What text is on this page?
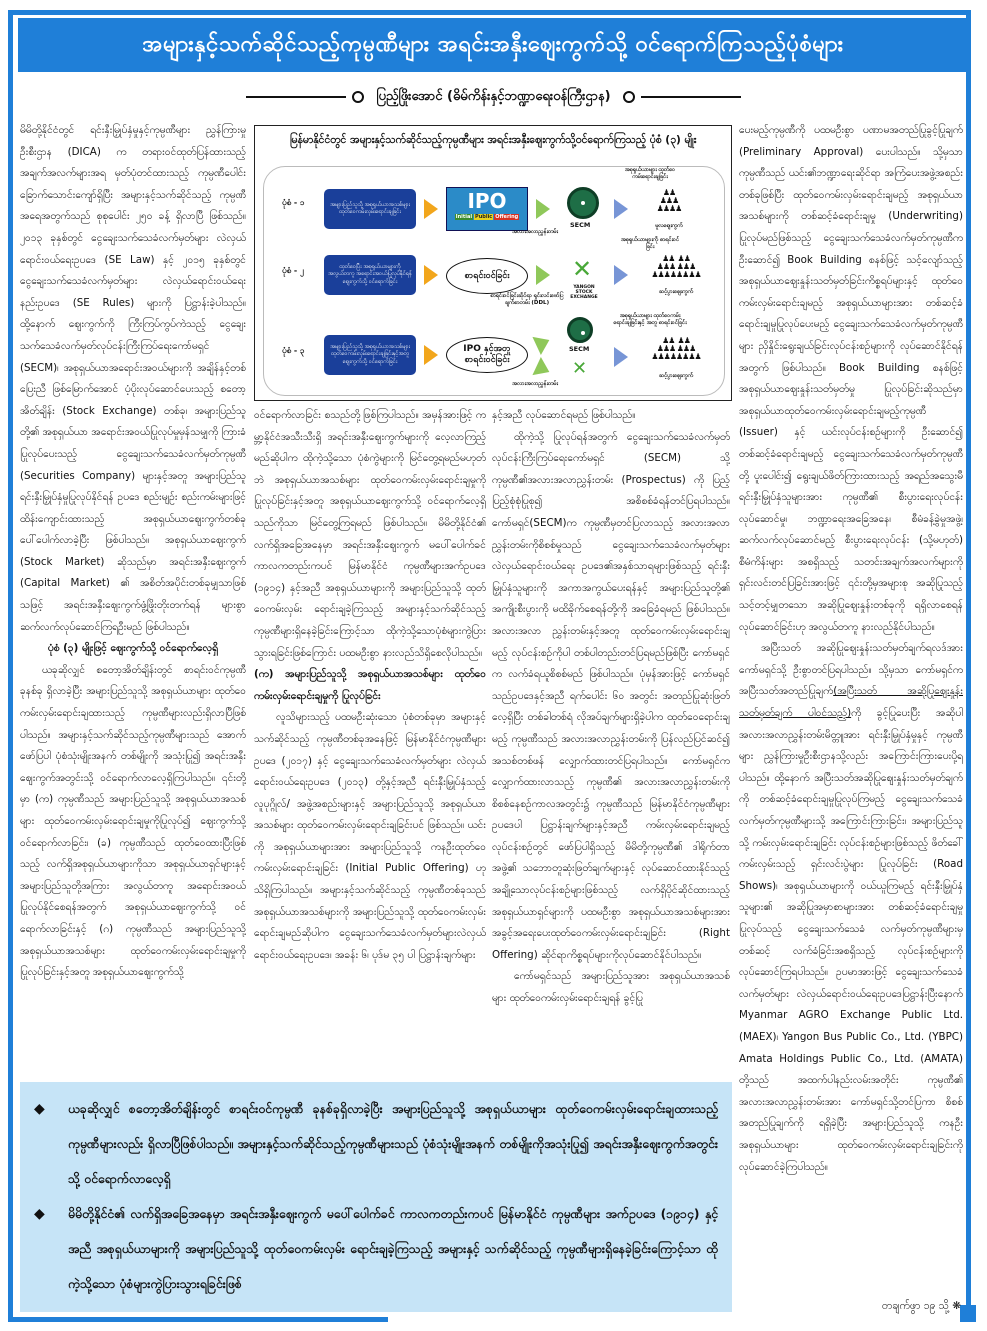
အများနှင့်သက်ဆိုင်သည့်ကုမ္ပဏီများ အရင်းအနှီးဈေးကွက်သို့ ဝင်ရောက်ကြသည့်ပုံစံများ
ပြည့်ဖြိုးအောင် (ဓိမ်ကိန်းနှင့်ဘဏ္ဍာရေးဝန်ကြီးဌာန)

မိမိတို့နိုင်ငံတွင် ရင်းနှီးမြှုပ်နှံမှုနှင့်ကုမ္ပဏီများ ညွှန်ကြားမှုဦးစီးဌာန (DICA) က တရားဝင်ထုတ်ပြန်ထားသည့် အချက်အလက်များအရ မှတ်ပုံတင်ထားသည့် ကုမ္ပဏီပေါင်း ခြောက်သောင်းကျော်ရှိပြီး အများနှင့်သက်ဆိုင်သည့် ကုမ္ပဏီအရေအတွက်သည် စုစုပေါင်း ၂၅၀ ခန့် ရှိလာပြီ ဖြစ်သည်။ ၂၀၁၃ ခုနှစ်တွင် ငွေချေးသက်သေခံလက်မှတ်များ လဲလှယ်ရောင်းဝယ်ရေးဥပဒေ (SE Law) နှင့် ၂၀၁၅ ခုနှစ်တွင် ငွေချေးသက်သေခံလက်မှတ်များ လဲလှယ်ရောင်းဝယ်ရေးနည်းဥပဒေ (SE Rules) များကို ပြဋ္ဌာန်းခဲ့ပါသည်။ ထို့နောက် ဈေးကွက်ကို ကြီးကြပ်ကွပ်ကဲသည့် ငွေချေးသက်သေခံလက်မှတ်လုပ်ငန်းကြီးကြပ်ရေးကော်မရှင် (SECM)၊ အစုရှယ်ယာအရောင်းအဝယ်များကို အချိန်နှင့်တစ်ပြေးညီ ဖြစ်မြောက်အောင် ပံ့ပိုးလုပ်ဆောင်ပေးသည့် စတော့အိတ်ချိန်း (Stock Exchange) တစ်ခု၊ အများပြည်သူတို့၏ အစုရှယ်ယာ အရောင်းအဝယ်ပြုလုပ်မှုမှန်သမျှကို ကြားခံပြုလုပ်ပေးသည့် ငွေချေးသက်သေခံလက်မှတ်ကုမ္ပဏီ (Securities Company) များနှင့်အတူ အများပြည်သူ ရင်းနှီးမြှုပ်နှံမှုပြုလုပ်နိုင်ရန် ဥပဒေ စည်းမျဉ်း စည်းကမ်းများဖြင့် ထိန်းကျောင်းထားသည့် အစုရှယ်ယာဈေးကွက်တစ်ခု ပေါ်ပေါက်လာခဲ့ပြီး ဖြစ်ပါသည်။ အစုရှယ်ယာဈေးကွက် (Stock Market) ဆိုသည်မှာ အရင်းအနှီးဈေးကွက် (Capital Market) ၏ အစိတ်အပိုင်းတစ်ခုမျှသာဖြစ်သဖြင့် အရင်းအနှီးဈေးကွက်ဖွံ့ဖြိုးတိုးတက်ရန် များစွာဆက်လက်လုပ်ဆောင်ကြရဦးမည် ဖြစ်ပါသည်။

ပုံစံ (၃) မျိုးဖြင့် ဈေးကွက်သို့ ဝင်ရောက်လေ့ရှိ

ယခုဆိုလျှင် စတော့အိတ်ချိန်းတွင် စာရင်းဝင်ကုမ္ပဏီ ခုနစ်ခု ရှိလာခဲ့ပြီး အများပြည်သူသို့ အစုရှယ်ယာများ ထုတ်ဝေကမ်းလှမ်းရောင်းချထားသည့် ကုမ္ပဏီများလည်းရှိလာပြီဖြစ်ပါသည်။ အများနှင့်သက်ဆိုင်သည့်ကုမ္ပဏီများသည် အောက်ဖော်ပြပါ ပုံစံသုံးမျိုးအနက် တစ်မျိုးကို အသုံးပြု၍ အရင်းအနှီးဈေးကွက်အတွင်းသို့ ဝင်ရောက်လာလေ့ရှိကြပါသည်။ ၎င်းတို့မှာ (က) ကုမ္ပဏီသည် အများပြည်သူသို့ အစုရှယ်ယာအသစ်များ ထုတ်ဝေကမ်းလှမ်းရောင်းချမှုကိုပြုလုပ်၍ ဈေးကွက်သို့ ဝင်ရောက်လာခြင်း၊ (ခ) ကုမ္ပဏီသည် ထုတ်ဝေထားပြီးဖြစ်သည့် လက်ရှိအစုရှယ်ယာများကိုသာ အစုရှယ်ယာရှင်များနှင့် အများပြည်သူတို့အကြား အလွယ်တကူ အရောင်းအဝယ် ပြုလုပ်နိုင်စေရန်အတွက် အစုရှယ်ယာဈေးကွက်သို့ ဝင်ရောက်လာခြင်းနှင့် (ဂ) ကုမ္ပဏီသည် အများပြည်သူသို့ အစုရှယ်ယာအသစ်များ ထုတ်ဝေကမ်းလှမ်းရောင်းချမှုကို ပြုလုပ်ခြင်းနှင့်အတူ အစုရှယ်ယာဈေးကွက်သို့

မြန်မာနိုင်ငံတွင် အများနှင့်သက်ဆိုင်သည့်ကုမ္ပဏီများ အရင်းအနှီးဈေးကွက်သို့ဝင်ရောက်ကြသည့် ပုံစံ (၃) မျိုး
ပုံစံ - ၁	အများပြည်သူသို့ အစုရှယ်ယာအသစ်များ ထုတ်ဝေကမ်းလှမ်းရောင်းချခြင်း	IPO
Initial Public Offering
အစုရှယ်ယာများ ထုတ်ဝေကမ်းရောင်းချခြင်း
SECM
အလားအလာညွှန်းတမ်း
♟♟
♟♟♟
♟♟♟♟
မူလဈေးကွက်
ပုံစံ - ၂	ထုတ်ဝေပြီး အစုရှယ်ယာများကို အလွယ်တကူ အရောင်းအဝယ်ပြုလုပ်နိုင်ရန် ဈေးကွက်သို့ ဝင်ရောက်ခြင်း
စာရင်းဝင်ခြင်း	✕
YANGON
STOCK EXCHANGE
စာရင်းဝင်ခြင်းဆိုင်ရာ ရှင်းလင်းဖော်ပြချက်စာတမ်း (DDL)
အစုရှယ်ယာများကို စာရင်းဝင်ခြင်း
♟♟  ♟♟
♟♟♟ ♟♟♟
♟♟♟♟♟♟♟♟
ဆင့်ပွားဈေးကွက်
ပုံစံ - ၃	အများပြည်သူသို့ အစုရှယ်ယာအသစ်များ ထုတ်ဝေကမ်းလှမ်းရောင်းချခြင်းနှင့်အတူ ဈေးကွက်သို့ ဝင်ရောက်ခြင်း
IPO နှင့်အတူ စာရင်းဝင်ခြင်း
SECM
✕
အလားအလာညွှန်းတမ်း
အစုရှယ်ယာများ ထုတ်ဝေကမ်းရောင်းချခြင်းနှင့် အတူ စာရင်းဝင်ခြင်း
♟♟  ♟♟
♟♟♟ ♟♟♟
♟♟♟♟♟♟♟♟
ဆင့်ပွားဈေးကွက်

ဝင်ရောက်လာခြင်း စသည်တို့ဖြစ်ကြပါသည်။ အမှန်အားဖြင့် ကမ္ဘာ့နိုင်ငံအသီးသီးရှိ အရင်းအနှီးဈေးကွက်များကို လေ့လာကြည့်မည်ဆိုပါက ထိုကဲ့သို့သော ပုံစံကွဲများကို မြင်တွေ့ရမည်မဟုတ်ဘဲ အစုရှယ်ယာအသစ်များ ထုတ်ဝေကမ်းလှမ်းရောင်းချမှုကို ပြုလုပ်ခြင်းနှင့်အတူ အစုရှယ်ယာဈေးကွက်သို့ ဝင်ရောက်လေ့ရှိသည်ကိုသာ မြင်တွေ့ကြရမည် ဖြစ်ပါသည်။ မိမိတို့နိုင်ငံ၏ လက်ရှိအခြေအနေမှာ အရင်းအနှီးဈေးကွက် မပေါ်ပေါက်ခင် ကာလကတည်းကပင် မြန်မာနိုင်ငံ ကုမ္ပဏီများအက်ဥပဒေ (၁၉၁၄) နှင့်အညီ အစုရှယ်ယာများကို အများပြည်သူသို့ ထုတ်ဝေကမ်းလှမ်း ရောင်းချခဲ့ကြသည့် အများနှင့်သက်ဆိုင်သည့် ကုမ္ပဏီများရှိနေခဲ့ခြင်းကြောင့်သာ ထိုကဲ့သို့သောပုံစံများကွဲပြားသွားရခြင်းဖြစ်ကြောင်း ပထမဦးစွာ နားလည်သိရှိစေလိုပါသည်။

(က) အများပြည်သူသို့ အစုရှယ်ယာအသစ်များ ထုတ်ဝေကမ်းလှမ်းရောင်းချမှုကို ပြုလုပ်ခြင်း

လူသိများသည့် ပထမဦးဆုံးသော ပုံစံတစ်ခုမှာ အများနှင့်သက်ဆိုင်သည့် ကုမ္ပဏီတစ်ခုအနေဖြင့် မြန်မာနိုင်ငံကုမ္ပဏီများဥပဒေ (၂၀၁၇) နှင့် ငွေချေးသက်သေခံလက်မှတ်များ လဲလှယ်ရောင်းဝယ်ရေးဥပဒေ (၂၀၁၃) တို့နှင့်အညီ ရင်းနှီးမြှုပ်နှံသည့် လူပုဂ္ဂိုလ်/ အဖွဲ့အစည်းများနှင့် အများပြည်သူသို့ အစုရှယ်ယာအသစ်များ ထုတ်ဝေကမ်းလှမ်းရောင်းချခြင်းပင် ဖြစ်သည်။ ယင်းကို အစုရှယ်ယာများအား အများပြည်သူသို့ ကနဦးထုတ်ဝေကမ်းလှမ်းရောင်းချခြင်း (Initial Public Offering) ဟု သိရှိကြပါသည်။ အများနှင့်သက်ဆိုင်သည့် ကုမ္ပဏီတစ်ခုသည် အစုရှယ်ယာအသစ်များကို အများပြည်သူသို့ ထုတ်ဝေကမ်းလှမ်းရောင်းချမည်ဆိုပါက ငွေချေးသက်သေခံလက်မှတ်များလဲလှယ်ရောင်းဝယ်ရေးဥပဒေ၊ အခန်း ၆၊ ပုဒ်မ ၃၅ ပါ ပြဋ္ဌာန်းချက်များ

နှင့်အညီ လုပ်ဆောင်ရမည် ဖြစ်ပါသည်။

ထိုကဲ့သို့ ပြုလုပ်ရန်အတွက် ငွေချေးသက်သေခံလက်မှတ် လုပ်ငန်းကြီးကြပ်ရေးကော်မရှင် (SECM) သို့ ကုမ္ပဏီ၏အလားအလာညွှန်းတမ်း (Prospectus) ကို ပြည့်ပြည့်စုံစုံပြုစု၍ အစိစစ်ခံရန်တင်ပြရပါသည်။ ကော်မရှင်(SECM)က ကုမ္ပဏီမှတင်ပြလာသည့် အလားအလာညွှန်းတမ်းကိုစိစစ်မှုသည် ငွေချေးသက်သေခံလက်မှတ်များ လဲလှယ်ရောင်းဝယ်ရေး ဥပဒေ၏အနှစ်သာရများဖြစ်သည့် ရင်းနှီးမြှုပ်နှံသူများကို အကာအကွယ်ပေးရန်နှင့် အများပြည်သူတို့၏ အကျိုးစီးပွားကို မထိခိုက်စေရန်တို့ကို အခြေခံရမည် ဖြစ်ပါသည်။ အလားအလာ ညွှန်းတမ်းနှင့်အတူ ထုတ်ဝေကမ်းလှမ်းရောင်းချမည့် လုပ်ငန်းစဉ်ကိုပါ တစ်ပါတည်းတင်ပြရမည်ဖြစ်ပြီး ကော်မရှင်က လက်ခံရယူစိစစ်မည် ဖြစ်ပါသည်။ ပုံမှန်အားဖြင့် ကော်မရှင်သည်ဥပဒေနှင့်အညီ ရက်ပေါင်း ၆၀ အတွင်း အတည်ပြုဆုံးဖြတ်လေ့ရှိပြီး တစ်ခါတစ်ရံ လိုအပ်ချက်များရှိခဲ့ပါက ထုတ်ဝေရောင်းချမည့် ကုမ္ပဏီသည် အလားအလာညွှန်းတမ်းကို ပြန်လည်ပြင်ဆင်၍ အသစ်တစ်ဖန် လျှောက်ထားတင်ပြရပါသည်။ ကော်မရှင်က လျှောက်ထားလာသည့် ကုမ္ပဏီ၏ အလားအလာညွှန်းတမ်းကို စိစစ်နေစဉ်ကာလအတွင်း၌ ကုမ္ပဏီသည် မြန်မာနိုင်ငံကုမ္ပဏီများ ဥပဒေပါ ပြဋ္ဌာန်းချက်များနှင့်အညီ ကမ်းလှမ်းရောင်းချမည့် လုပ်ငန်းစဉ်တွင် ဖော်ပြပါရှိသည့် မိမိတို့ကုမ္ပဏီ၏ ဒါရိုက်တာအဖွဲ့၏ သဘောတူဆုံးဖြတ်ချက်များနှင့် လုပ်ဆောင်ထားနိုင်သည့် အချို့သောလုပ်ငန်းစဉ်များဖြစ်သည့် လက်ရှိပိုင်ဆိုင်ထားသည့် အစုရှယ်ယာရှင်များကို ပထမဦးစွာ အစုရှယ်ယာအသစ်များအား အခွင့်အရေးပေးထုတ်ဝေကမ်းလှမ်းရောင်းချခြင်း (Right Offering) ဆိုင်ရာကိစ္စရပ်များကိုလုပ်ဆောင်နိုင်ပါသည်။

ကော်မရှင်သည် အများပြည်သူအား အစုရှယ်ယာအသစ်များ ထုတ်ဝေကမ်းလှမ်းရောင်းချရန် ခွင့်ပြု

ပေးမည့်ကုမ္ပဏီကို ပထမဦးစွာ ပဏာမအတည်ပြုခွင့်ပြုချက် (Preliminary Approval) ပေးပါသည်။ သို့မှသာ ကုမ္ပဏီသည် ယင်း၏ဘဏ္ဍာရေးဆိုင်ရာ အကြံပေးအဖွဲ့အစည်းတစ်ခုဖြစ်ပြီး ထုတ်ဝေကမ်းလှမ်းရောင်းချမည့် အစုရှယ်ယာအသစ်များကို တစ်ဆင့်ခံရောင်းချမှု (Underwriting) ပြုလုပ်မည်ဖြစ်သည့် ငွေချေးသက်သေခံလက်မှတ်ကုမ္ပဏီက ဦးဆောင်၍ Book Building စနစ်ဖြင့် သင့်လျော်သည့် အစုရှယ်ယာဈေးနှုန်းသတ်မှတ်ခြင်းကိစ္စရပ်များနှင့် ထုတ်ဝေကမ်းလှမ်းရောင်းချမည့် အစုရှယ်ယာများအား တစ်ဆင့်ခံရောင်းချမှုပြုလုပ်ပေးမည့် ငွေချေးသက်သေခံလက်မှတ်ကုမ္ပဏီများ ညှိနှိုင်းရွေးချယ်ခြင်းလုပ်ငန်းစဉ်များကို လုပ်ဆောင်နိုင်ရန်အတွက် ဖြစ်ပါသည်။ Book Building စနစ်ဖြင့် အစုရှယ်ယာဈေးနှုန်းသတ်မှတ်မှု ပြုလုပ်ခြင်းဆိုသည်မှာ အစုရှယ်ယာထုတ်ဝေကမ်းလှမ်းရောင်းချမည့်ကုမ္ပဏီ (Issuer) နှင့် ယင်းလုပ်ငန်းစဉ်များကို ဦးဆောင်၍ တစ်ဆင့်ခံရောင်းချမည့် ငွေချေးသက်သေခံလက်မှတ်ကုမ္ပဏီတို့ ပူးပေါင်း၍ ရွေးချယ်ဖိတ်ကြားထားသည့် အရည်အသွေးမီ ရင်းနှီးမြှုပ်နှံသူများအား ကုမ္ပဏီ၏ စီးပွားရေးလုပ်ငန်းလုပ်ဆောင်မှု၊ ဘဏ္ဍာရေးအခြေအနေ၊ စီမံခန့်ခွဲမှုအဖွဲ့၊ ဆက်လက်လုပ်ဆောင်မည့် စီးပွားရေးလုပ်ငန်း (သို့မဟုတ်) စီမံကိန်းများ အစရှိသည့် သတင်းအချက်အလက်များကို ရှင်းလင်းတင်ပြခြင်းအားဖြင့် ၎င်းတို့မှအများစု အဆိုပြုသည့် သင့်တင့်မျှတသော အဆိုပြုဈေးနှုန်းတစ်ခုကို ရရှိလာစေရန် လုပ်ဆောင်ခြင်းဟု အလွယ်တကူ နားလည်နိုင်ပါသည်။

အပြီးသတ် အဆိုပြုဈေးနှုန်းသတ်မှတ်ချက်ရလဒ်အား ကော်မရှင်သို့ ဦးစွာတင်ပြရပါသည်။ သို့မှသာ ကော်မရှင်က အပြီးသတ်အတည်ပြုချက်(အပြီးသတ် အဆိုပြုဈေးနှုန်းသတ်မှတ်ချက် ပါဝင်သည့်)ကို ခွင့်ပြုပေးပြီး အဆိုပါ အလားအလာညွှန်းတမ်းမိတ္တူအား ရင်းနှီးမြှုပ်နှံမှုနှင့် ကုမ္ပဏီများ ညွှန်ကြားမှုဦးစီးဌာနသို့လည်း အကြောင်းကြားပေးပို့ရပါသည်။ ထို့နောက် အပြီးသတ်အဆိုပြုဈေးနှုန်းသတ်မှတ်ချက်ကို တစ်ဆင့်ခံရောင်းချမှုပြုလုပ်ကြမည့် ငွေချေးသက်သေခံလက်မှတ်ကုမ္ပဏီများသို့ အကြောင်းကြားခြင်း၊ အများပြည်သူသို့ ကမ်းလှမ်းရောင်းချခြင်း လုပ်ငန်းစဉ်များဖြစ်သည့် ဖိတ်ခေါ်ကမ်းလှမ်းသည့် ရှင်းလင်းပွဲများ ပြုလုပ်ခြင်း (Road Shows)၊ အစုရှယ်ယာများကို ဝယ်ယူကြမည့် ရင်းနှီးမြှုပ်နှံသူများ၏ အဆိုပြုအမှာစာများအား တစ်ဆင့်ခံရောင်းချမှု ပြုလုပ်သည့် ငွေချေးသက်သေခံ လက်မှတ်ကုမ္ပဏီများမှ တစ်ဆင့် လက်ခံခြင်းအစရှိသည့် လုပ်ငန်းစဉ်များကို လုပ်ဆောင်ကြရပါသည်။ ဥပမာအားဖြင့် ငွေချေးသက်သေခံလက်မှတ်များ လဲလှယ်ရောင်းဝယ်ရေးဥပဒေပြဋ္ဌာန်းပြီးနောက် Myanmar AGRO Exchange Public Ltd. (MAEX)၊ Yangon Bus Public Co., Ltd. (YBPC) Amata Holdings Public Co., Ltd. (AMATA) တို့သည် အထက်ပါနည်းလမ်းအတိုင်း ကုမ္ပဏီ၏ အလားအလာညွှန်းတမ်းအား ကော်မရှင်သို့တင်ပြကာ စိစစ်အတည်ပြုချက်ကို ရရှိခဲ့ပြီး အများပြည်သူသို့ ကနဦးအစုရှယ်ယာများ ထုတ်ဝေကမ်းလှမ်းရောင်းချခြင်းကို လုပ်ဆောင်ခဲ့ကြပါသည်။

တချက်ဖွာ ၁၉ သို့ ❋
◆	ယခုဆိုလျှင် စတော့အိတ်ချိန်းတွင် စာရင်းဝင်ကုမ္ပဏီ ခုနစ်ခုရှိလာခဲ့ပြီး အများပြည်သူသို့ အစုရှယ်ယာများ ထုတ်ဝေကမ်းလှမ်းရောင်းချထားသည့် ကုမ္ပဏီများလည်း ရှိလာပြီဖြစ်ပါသည်။ အများနှင့်သက်ဆိုင်သည့်ကုမ္ပဏီများသည် ပုံစံသုံးမျိုးအနက် တစ်မျိုးကိုအသုံးပြု၍ အရင်းအနှီးဈေးကွက်အတွင်းသို့ ဝင်ရောက်လာလေ့ရှိ
◆	မိမိတို့နိုင်ငံ၏ လက်ရှိအခြေအနေမှာ အရင်းအနှီးဈေးကွက် မပေါ်ပေါက်ခင် ကာလကတည်းကပင် မြန်မာနိုင်ငံ ကုမ္ပဏီများ အက်ဥပဒေ (၁၉၁၄) နှင့်အညီ အစုရှယ်ယာများကို အများပြည်သူသို့ ထုတ်ဝေကမ်းလှမ်း ရောင်းချခဲ့ကြသည့် အများနှင့် သက်ဆိုင်သည့် ကုမ္ပဏီများရှိနေခဲ့ခြင်းကြောင့်သာ ထိုကဲ့သို့သော ပုံစံများကွဲပြားသွားရခြင်းဖြစ်
